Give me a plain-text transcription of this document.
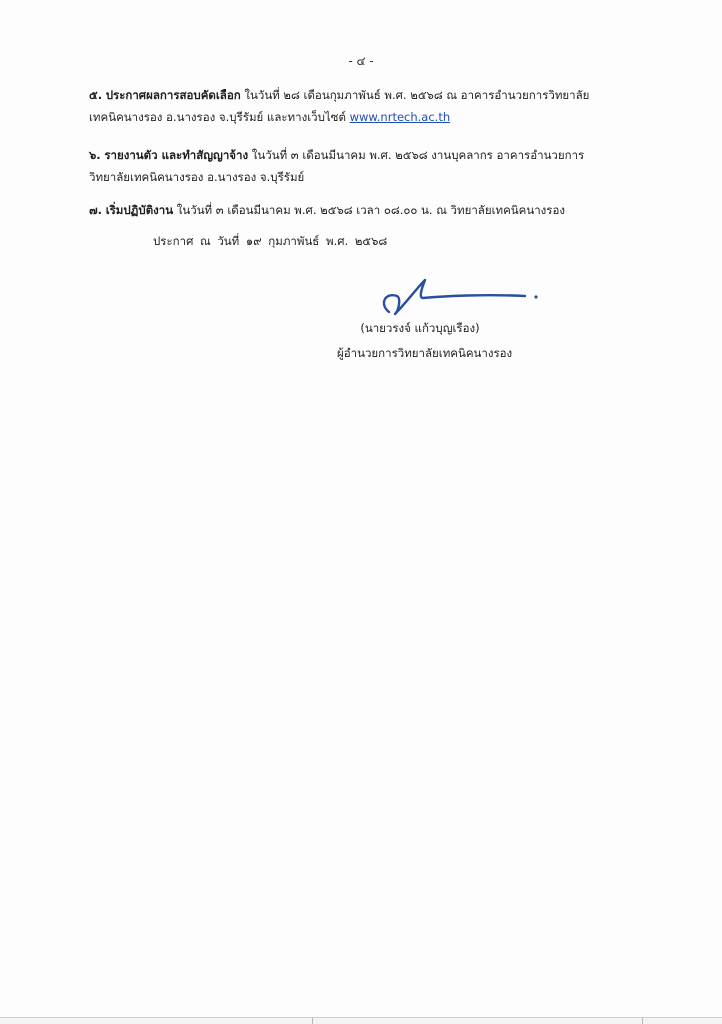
- ๔ -
๕. ประกาศผลการสอบคัดเลือก ในวันที่ ๒๘ เดือนกุมภาพันธ์ พ.ศ. ๒๕๖๘ ณ อาคารอำนวยการวิทยาลัย
เทคนิคนางรอง อ.นางรอง จ.บุรีรัมย์ และทางเว็บไซต์ www.nrtech.ac.th
๖. รายงานตัว และทำสัญญาจ้าง ในวันที่ ๓ เดือนมีนาคม พ.ศ. ๒๕๖๘ งานบุคลากร อาคารอำนวยการ
วิทยาลัยเทคนิคนางรอง อ.นางรอง จ.บุรีรัมย์
๗. เริ่มปฏิบัติงาน ในวันที่ ๓ เดือนมีนาคม พ.ศ. ๒๕๖๘ เวลา ๐๘.๐๐ น. ณ วิทยาลัยเทคนิคนางรอง
ประกาศ ณ วันที่ ๑๙ กุมภาพันธ์ พ.ศ. ๒๕๖๘
(นายวรงจ์ แก้วบุญเรือง)
ผู้อำนวยการวิทยาลัยเทคนิคนางรอง
